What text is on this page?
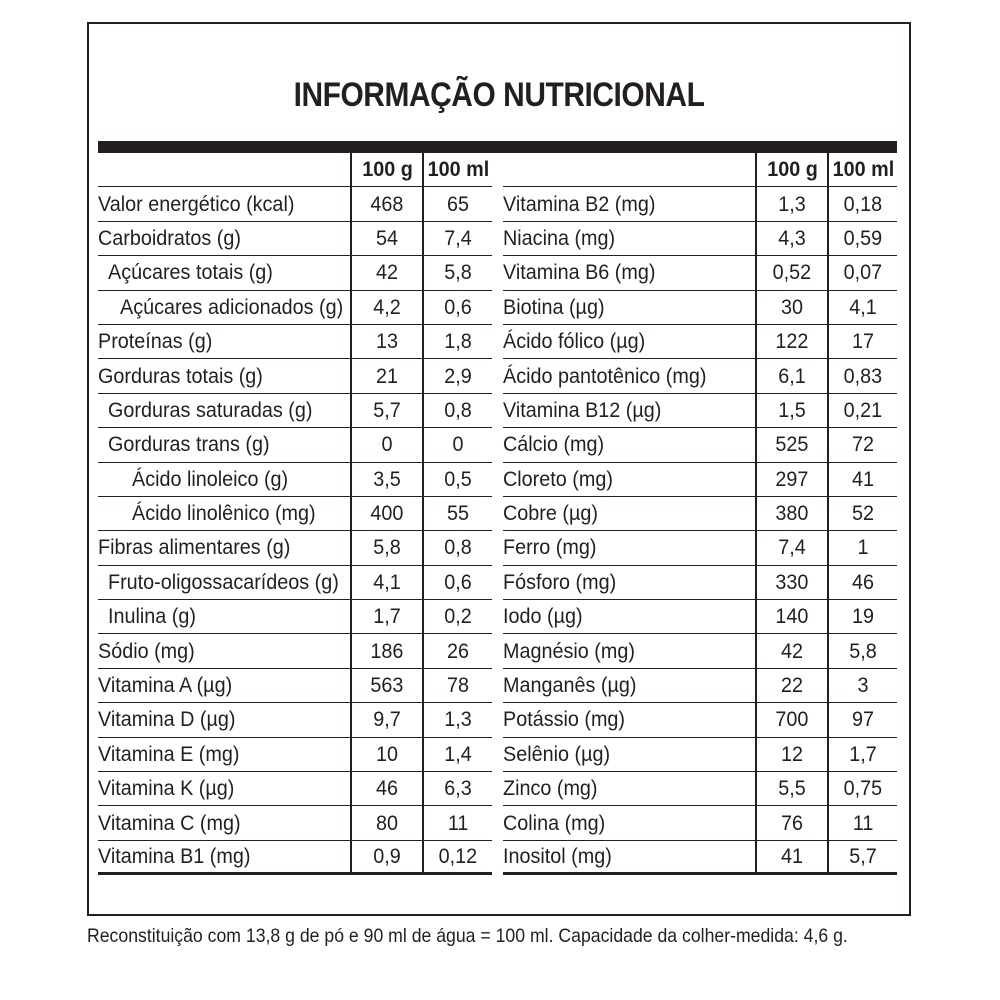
INFORMAÇÃO NUTRICIONAL
100 g 100 ml
Valor energético (kcal)	468 65
Carboidratos (g)	54 7,4
Açúcares totais (g)	42 5,8
Açúcares adicionados (g) 4,2 0,6
Proteínas (g)	13 1,8
Gorduras totais (g)	21 2,9
Gorduras saturadas (g)	5,7 0,8
Gorduras trans (g)	0	0
Ácido linoleico (g)	3,5 0,5
Ácido linolênico (mg)	400 55
Fibras alimentares (g)	5,8 0,8
Fruto-oligossacarídeos (g) 4,1 0,6
Inulina (g)	1,7 0,2
Sódio (mg)	186 26
Vitamina A (µg)	563 78
Vitamina D (µg)	9,7 1,3
Vitamina E (mg)	10 1,4
Vitamina K (µg)	46 6,3
Vitamina C (mg)	80 11
Vitamina B1 (mg)	0,9 0,12
100 g 100 ml
Vitamina B2 (mg)	1,3 0,18
Niacina (mg)	4,3 0,59
Vitamina B6 (mg)	0,52 0,07
Biotina (µg)	30 4,1
Ácido fólico (µg)	122 17
Ácido pantotênico (mg)	6,1 0,83
Vitamina B12 (µg)	1,5 0,21
Cálcio (mg)	525 72
Cloreto (mg)	297 41
Cobre (µg)	380 52
Ferro (mg)	7,4 1
Fósforo (mg)	330 46
Iodo (µg)	140 19
Magnésio (mg)	42 5,8
Manganês (µg)	22	3
Potássio (mg)	700 97
Selênio (µg)	12 1,7
Zinco (mg)	5,5 0,75
Colina (mg)	76 11
Inositol (mg)	41 5,7
Reconstituição com 13,8 g de pó e 90 ml de água = 100 ml. Capacidade da colher-medida: 4,6 g.
